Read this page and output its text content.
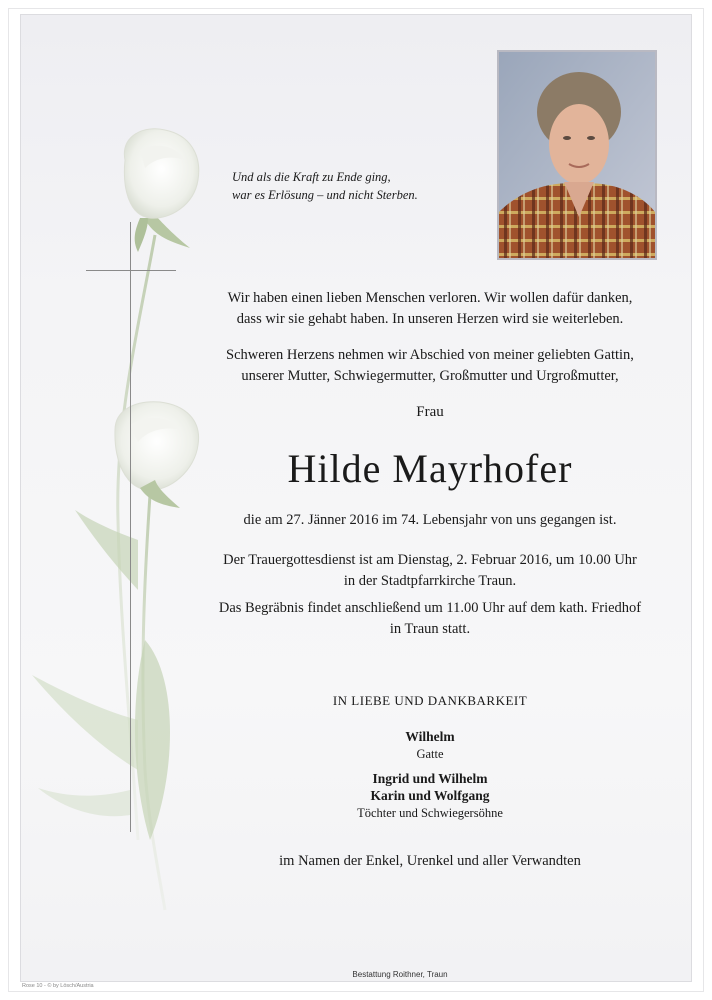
Und als die Kraft zu Ende ging,
war es Erlösung – und nicht Sterben.
Wir haben einen lieben Menschen verloren. Wir wollen dafür danken,
dass wir sie gehabt haben. In unseren Herzen wird sie weiterleben.
Schweren Herzens nehmen wir Abschied von meiner geliebten Gattin,
unserer Mutter, Schwiegermutter, Großmutter und Urgroßmutter,
Frau
Hilde Mayrhofer
die am 27. Jänner 2016 im 74. Lebensjahr von uns gegangen ist.
Der Trauergottesdienst ist am Dienstag, 2. Februar 2016, um 10.00 Uhr
in der Stadtpfarrkirche Traun.
Das Begräbnis findet anschließend um 11.00 Uhr auf dem kath. Friedhof
in Traun statt.
IN LIEBE UND DANKBARKEIT
Wilhelm
Gatte
Ingrid und Wilhelm
Karin und Wolfgang
Töchter und Schwiegersöhne
im Namen der Enkel, Urenkel und aller Verwandten
Bestattung Roithner, Traun
Rose 10 - © by Lösch/Austria
